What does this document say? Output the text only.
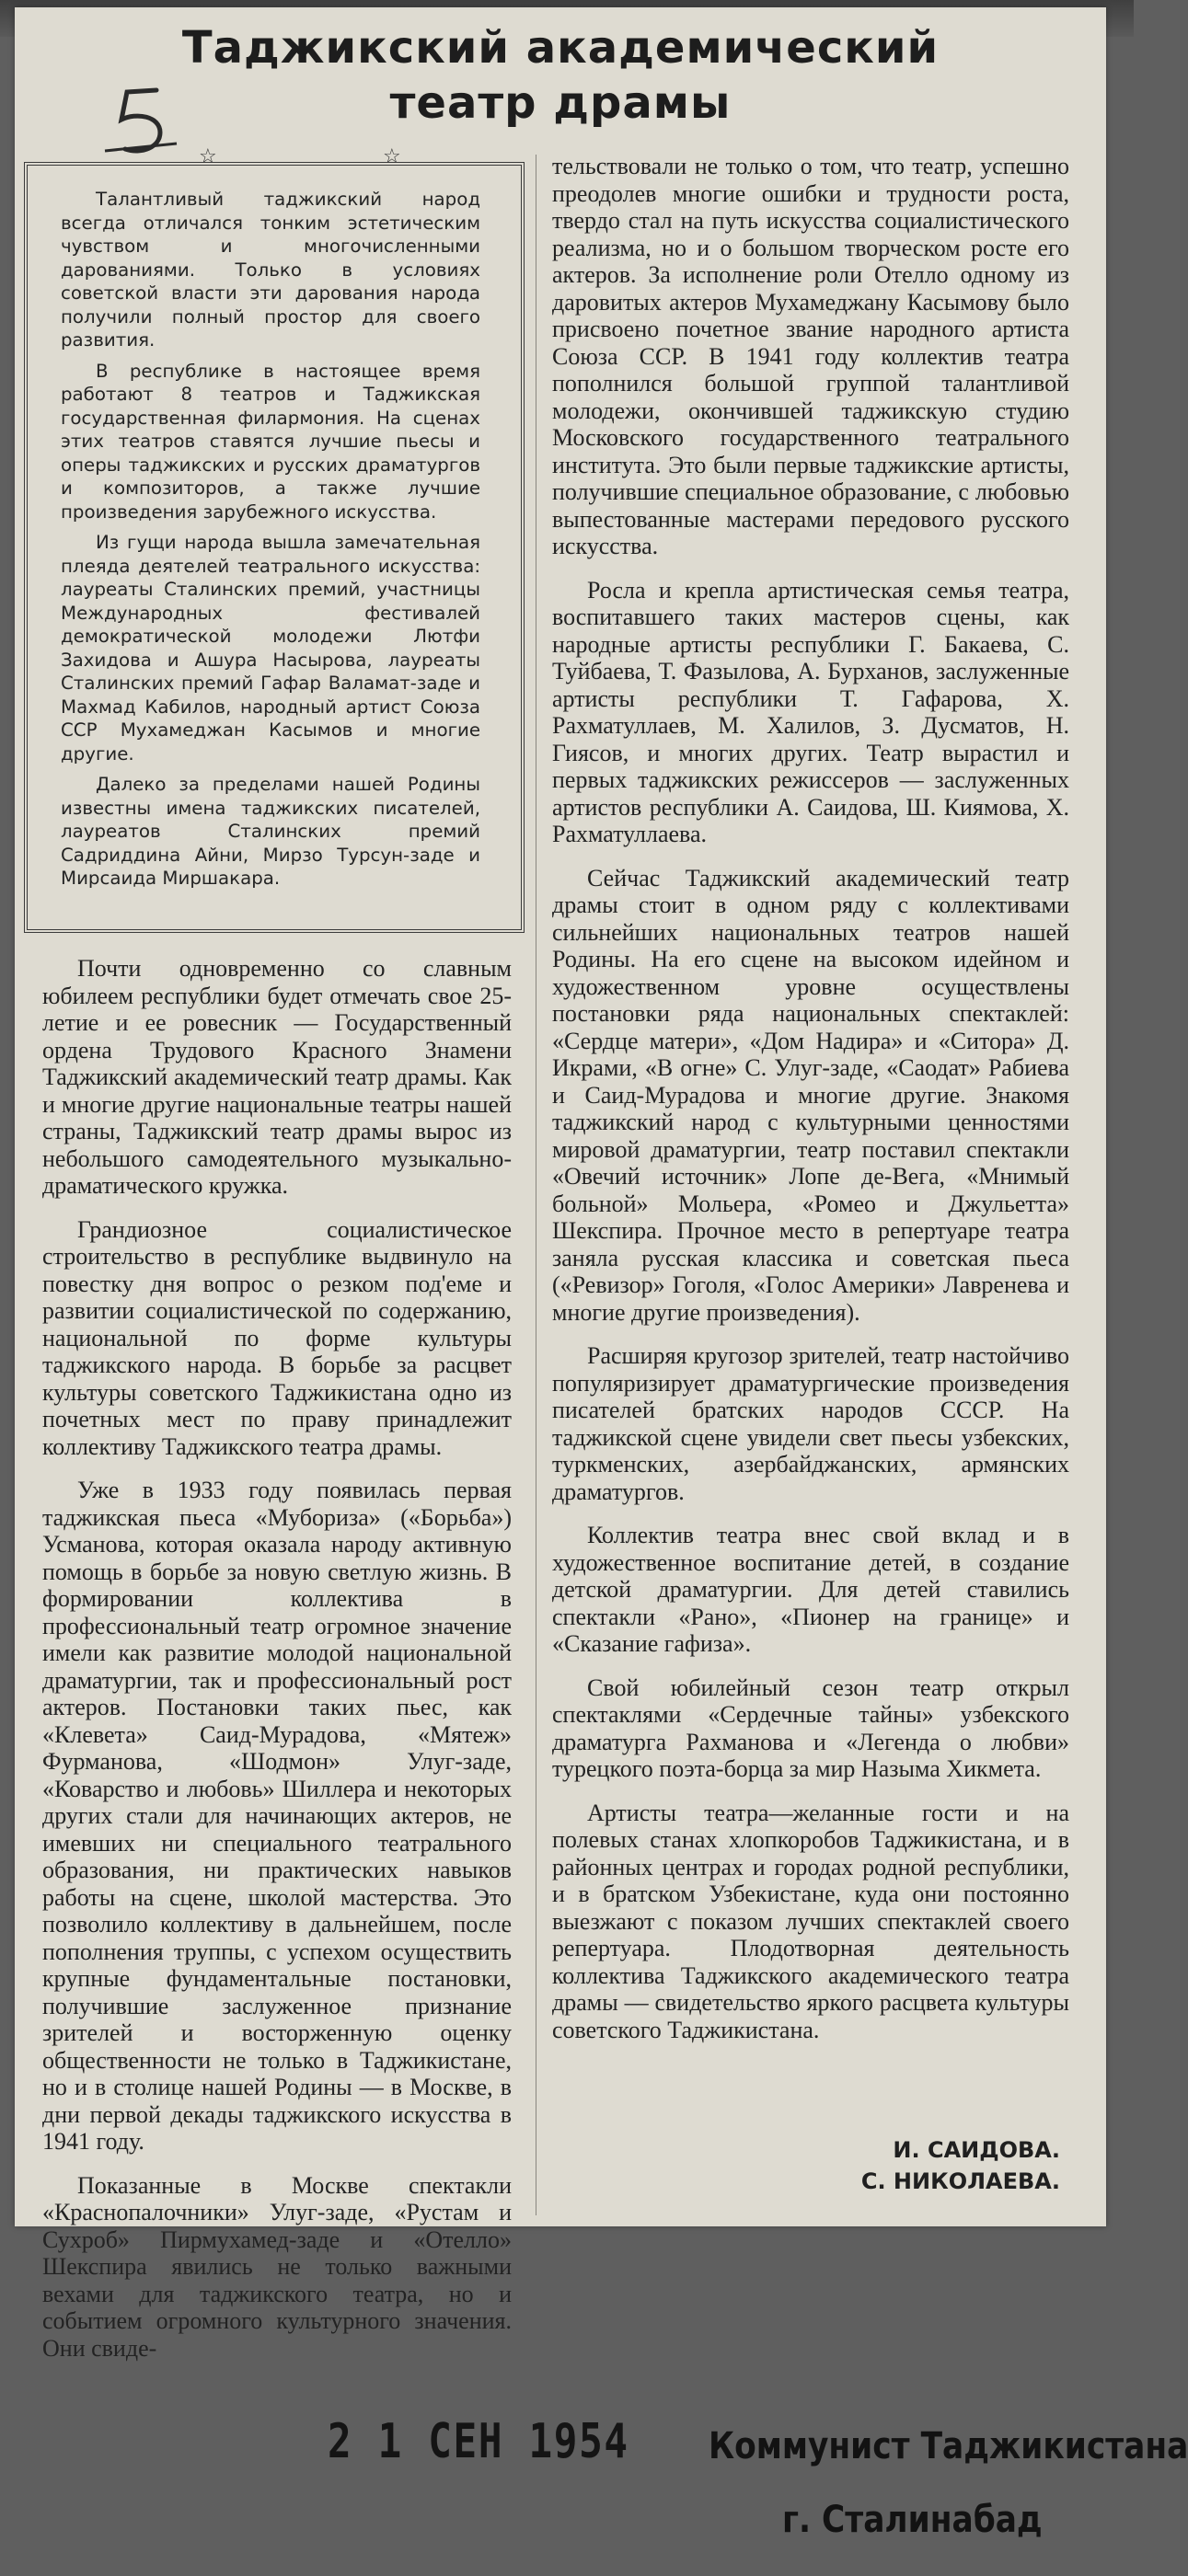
Таджикский академический
театр драмы
☆	☆

Талантливый таджикский народ всегда отличался тонким эстетическим чувством и многочисленными дарованиями. Только в условиях советской власти эти дарования народа получили полный простор для своего развития.

В республике в настоящее время работают 8 театров и Таджикская государственная филармония. На сценах этих театров ставятся лучшие пьесы и оперы таджикских и русских драматургов и композиторов, а также лучшие произведения зарубежного искусства.

Из гущи народа вышла замечательная плеяда деятелей театрального искусства: лауреаты Сталинских премий, участницы Международных фестивалей демократической молодежи Лютфи Захидова и Ашура Насырова, лауреаты Сталинских премий Гафар Валамат-заде и Махмад Кабилов, народный артист Союза ССР Мухамеджан Касымов и многие другие.

Далеко за пределами нашей Родины известны имена таджикских писателей, лауреатов Сталинских премий Садриддина Айни, Мирзо Турсун-заде и Мирсаида Миршакара.

Почти одновременно со славным юбилеем республики будет отмечать свое 25-летие и ее ровесник — Государственный ордена Трудового Красного Знамени Таджикский академический театр драмы. Как и многие другие национальные театры нашей страны, Таджикский театр драмы вырос из небольшого самодеятельного музыкально-драматического кружка.

Грандиозное социалистическое строительство в республике выдвинуло на повестку дня вопрос о резком под'еме и развитии социалистической по содержанию, национальной по форме культуры таджикского народа. В борьбе за расцвет культуры советского Таджикистана одно из почетных мест по праву принадлежит коллективу Таджикского театра драмы.

Уже в 1933 году появилась первая таджикская пьеса «Мубориза» («Борьба») Усманова, которая оказала народу активную помощь в борьбе за новую светлую жизнь. В формировании коллектива в профессиональный театр огромное значение имели как развитие молодой национальной драматургии, так и профессиональный рост актеров. Постановки таких пьес, как «Клевета» Саид-Мурадова, «Мятеж» Фурманова, «Шодмон» Улуг-заде, «Коварство и любовь» Шиллера и некоторых других стали для начинающих актеров, не имевших ни специального театрального образования, ни практических навыков работы на сцене, школой мастерства. Это позволило коллективу в дальнейшем, после пополнения труппы, с успехом осуществить крупные фундаментальные постановки, получившие заслуженное признание зрителей и восторженную оценку общественности не только в Таджикистане, но и в столице нашей Родины — в Москве, в дни первой декады таджикского искусства в 1941 году.

Показанные в Москве спектакли «Краснопалочники» Улуг-заде, «Рустам и Сухроб» Пирмухамед-заде и «Отелло» Шекспира явились не только важными вехами для таджикского театра, но и событием огромного культурного значения. Они свиде-

тельствовали не только о том, что театр, успешно преодолев многие ошибки и трудности роста, твердо стал на путь искусства социалистического реализма, но и о большом творческом росте его актеров. За исполнение роли Отелло одному из даровитых актеров Мухамеджану Касымову было присвоено почетное звание народного артиста Союза ССР. В 1941 году коллектив театра пополнился большой группой талантливой молодежи, окончившей таджикскую студию Московского государственного театрального института. Это были первые таджикские артисты, получившие специальное образование, с любовью выпестованные мастерами передового русского искусства.

Росла и крепла артистическая семья театра, воспитавшего таких мастеров сцены, как народные артисты республики Г. Бакаева, С. Туйбаева, Т. Фазылова, А. Бурханов, заслуженные артисты республики Т. Гафарова, Х. Рахматуллаев, М. Халилов, З. Дусматов, Н. Гиясов, и многих других. Театр вырастил и первых таджикских режиссеров — заслуженных артистов республики А. Саидова, Ш. Киямова, Х. Рахматуллаева.

Сейчас Таджикский академический театр драмы стоит в одном ряду с коллективами сильнейших национальных театров нашей Родины. На его сцене на высоком идейном и художественном уровне осуществлены постановки ряда национальных спектаклей: «Сердце матери», «Дом Надира» и «Ситора» Д. Икрами, «В огне» С. Улуг-заде, «Саодат» Рабиева и Саид-Мурадова и многие другие. Знакомя таджикский народ с культурными ценностями мировой драматургии, театр поставил спектакли «Овечий источник» Лопе де-Вега, «Мнимый больной» Мольера, «Ромео и Джульетта» Шекспира. Прочное место в репертуаре театра заняла русская классика и советская пьеса («Ревизор» Гоголя, «Голос Америки» Лавренева и многие другие произведения).

Расширяя кругозор зрителей, театр настойчиво популяризирует драматургические произведения писателей братских народов СССР. На таджикской сцене увидели свет пьесы узбекских, туркменских, азербайджанских, армянских драматургов.

Коллектив театра внес свой вклад и в художественное воспитание детей, в создание детской драматургии. Для детей ставились спектакли «Рано», «Пионер на границе» и «Сказание гафиза».

Свой юбилейный сезон театр открыл спектаклями «Сердечные тайны» узбекского драматурга Рахманова и «Легенда о любви» турецкого поэта-борца за мир Назыма Хикмета.

Артисты театра—желанные гости и на полевых станах хлопкоробов Таджикистана, и в районных центрах и городах родной республики, и в братском Узбекистане, куда они постоянно выезжают с показом лучших спектаклей своего репертуара. Плодотворная деятельность коллектива Таджикского академического театра драмы — свидетельство яркого расцвета культуры советского Таджикистана.

И. САИДОВА.
С. НИКОЛАЕВА.
2 1 СЕН 1954 Коммунист Таджикистана
г. Сталинабад
